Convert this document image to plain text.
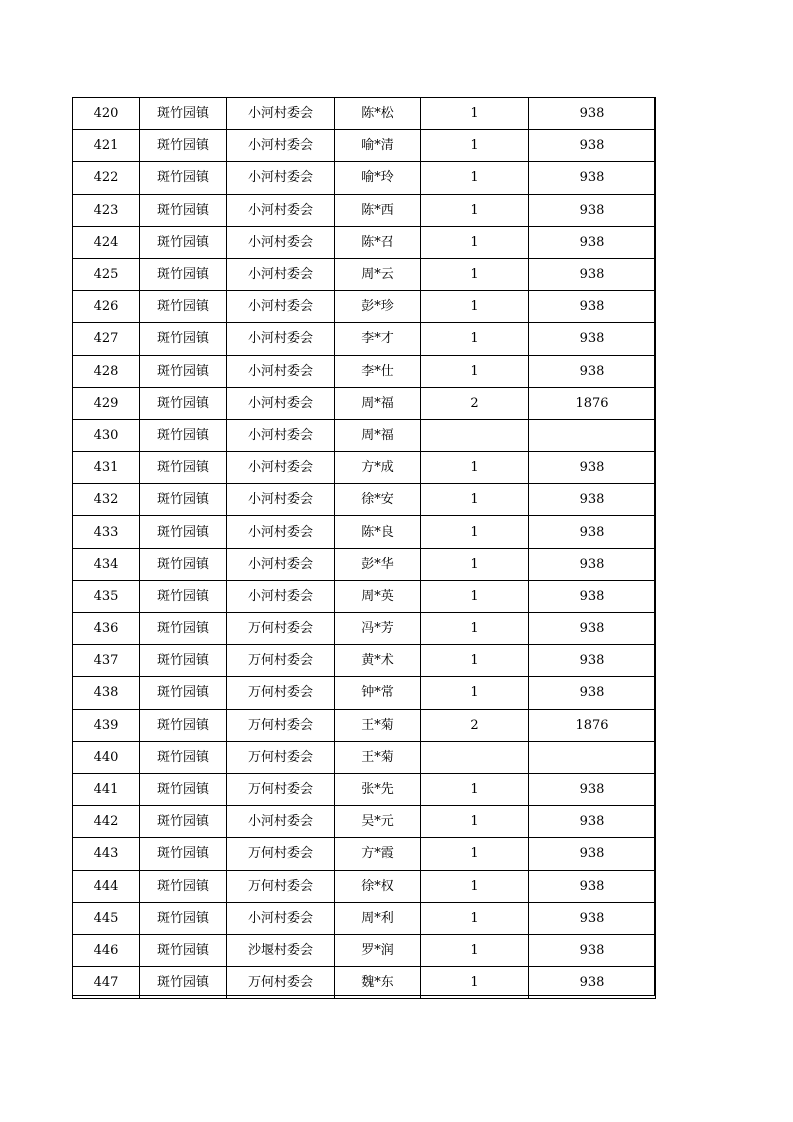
420	斑竹园镇	小河村委会	陈*松	1	938
421	斑竹园镇	小河村委会	喻*清	1	938
422	斑竹园镇	小河村委会	喻*玲	1	938
423	斑竹园镇	小河村委会	陈*西	1	938
424	斑竹园镇	小河村委会	陈*召	1	938
425	斑竹园镇	小河村委会	周*云	1	938
426	斑竹园镇	小河村委会	彭*珍	1	938
427	斑竹园镇	小河村委会	李*才	1	938
428	斑竹园镇	小河村委会	李*仕	1	938
429	斑竹园镇	小河村委会	周*福	2	1876
430	斑竹园镇	小河村委会	周*福		
431	斑竹园镇	小河村委会	方*成	1	938
432	斑竹园镇	小河村委会	徐*安	1	938
433	斑竹园镇	小河村委会	陈*良	1	938
434	斑竹园镇	小河村委会	彭*华	1	938
435	斑竹园镇	小河村委会	周*英	1	938
436	斑竹园镇	万何村委会	冯*芳	1	938
437	斑竹园镇	万何村委会	黄*术	1	938
438	斑竹园镇	万何村委会	钟*常	1	938
439	斑竹园镇	万何村委会	王*菊	2	1876
440	斑竹园镇	万何村委会	王*菊		
441	斑竹园镇	万何村委会	张*先	1	938
442	斑竹园镇	小河村委会	吴*元	1	938
443	斑竹园镇	万何村委会	方*霞	1	938
444	斑竹园镇	万何村委会	徐*权	1	938
445	斑竹园镇	小河村委会	周*利	1	938
446	斑竹园镇	沙堰村委会	罗*润	1	938
447	斑竹园镇	万何村委会	魏*东	1	938
